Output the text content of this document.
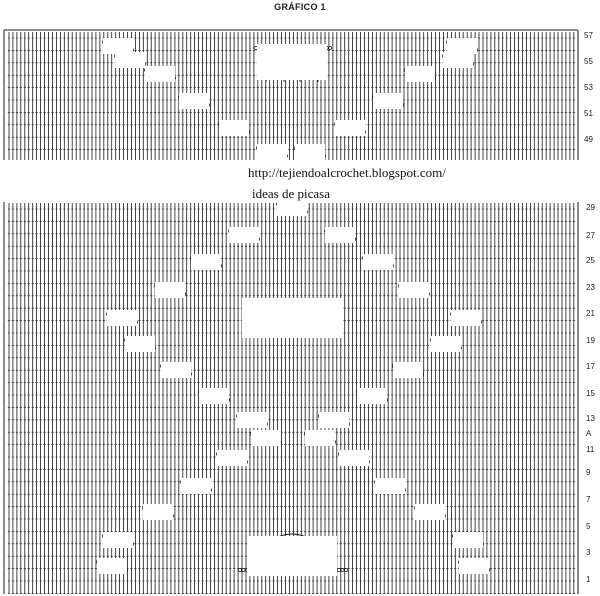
57
55
53
51
49
29
27
25
23
21
19
17
15
13
A
11
9
7
5
3
1
GRÁFICO 1
http://tejiendoalcrochet.blogspot.com/
ideas de picasa
